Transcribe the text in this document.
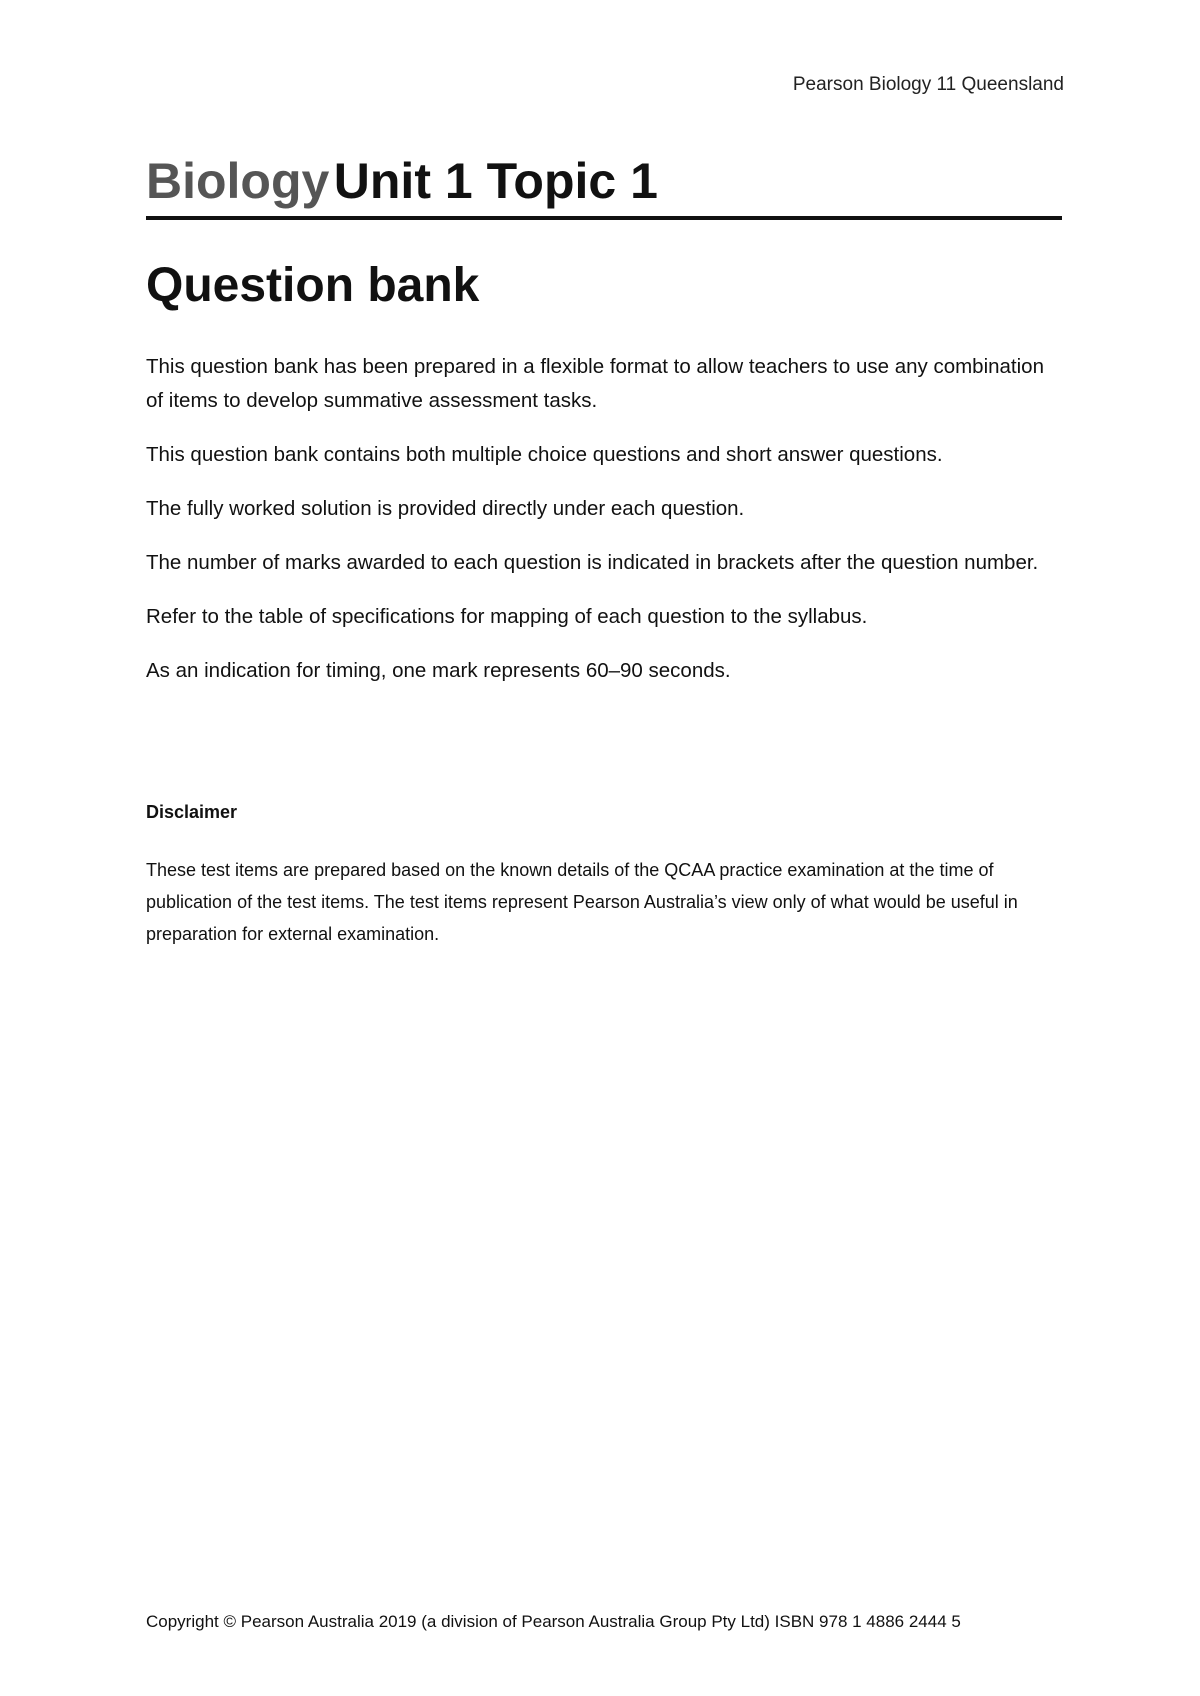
Pearson Biology 11 Queensland
Biology Unit 1 Topic 1
Question bank

This question bank has been prepared in a flexible format to allow teachers to use any combination of items to develop summative assessment tasks.

This question bank contains both multiple choice questions and short answer questions.

The fully worked solution is provided directly under each question.

The number of marks awarded to each question is indicated in brackets after the question number.

Refer to the table of specifications for mapping of each question to the syllabus.

As an indication for timing, one mark represents 60–90 seconds.

Disclaimer
These test items are prepared based on the known details of the QCAA practice examination at the time of publication of the test items. The test items represent Pearson Australia’s view only of what would be useful in preparation for external examination.
Copyright © Pearson Australia 2019 (a division of Pearson Australia Group Pty Ltd) ISBN 978 1 4886 2444 5
